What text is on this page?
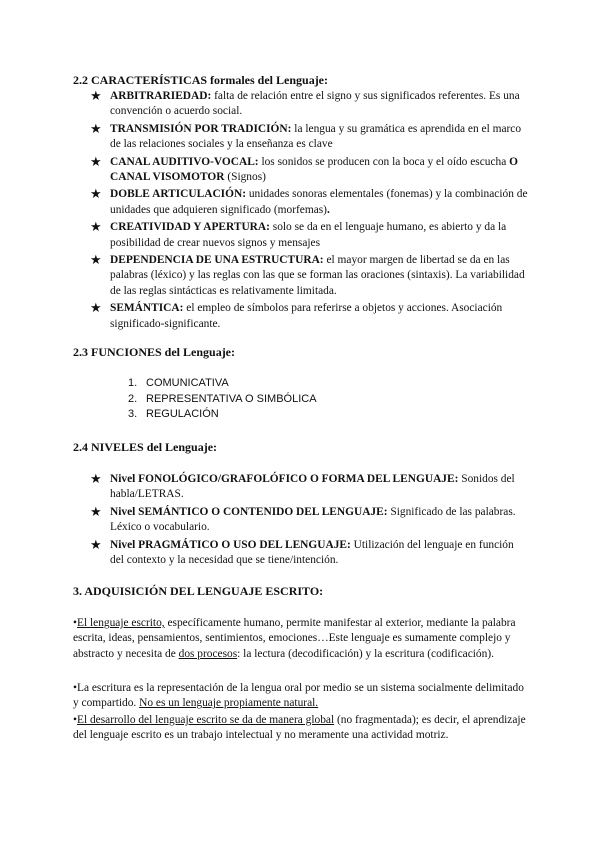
2.2 CARACTERÍSTICAS formales del Lenguaje:
★ ARBITRARIEDAD: falta de relación entre el signo y sus significados referentes. Es una convención o acuerdo social.
★ TRANSMISIÓN POR TRADICIÓN: la lengua y su gramática es aprendida en el marco de las relaciones sociales y la enseñanza es clave
★ CANAL AUDITIVO-VOCAL: los sonidos se producen con la boca y el oído escucha O CANAL VISOMOTOR (Signos)
★ DOBLE ARTICULACIÓN: unidades sonoras elementales (fonemas) y la combinación de unidades que adquieren significado (morfemas).
★ CREATIVIDAD Y APERTURA: solo se da en el lenguaje humano, es abierto y da la posibilidad de crear nuevos signos y mensajes
★ DEPENDENCIA DE UNA ESTRUCTURA: el mayor margen de libertad se da en las palabras (léxico) y las reglas con las que se forman las oraciones (sintaxis). La variabilidad de las reglas sintácticas es relativamente limitada.
★ SEMÁNTICA: el empleo de símbolos para referirse a objetos y acciones. Asociación significado-significante.
2.3 FUNCIONES del Lenguaje:
1. COMUNICATIVA
2. REPRESENTATIVA O SIMBÓLICA
3. REGULACIÓN
2.4 NIVELES del Lenguaje:
★ Nivel FONOLÓGICO/GRAFOLÓFICO O FORMA DEL LENGUAJE: Sonidos del habla/LETRAS.
★ Nivel SEMÁNTICO O CONTENIDO DEL LENGUAJE: Significado de las palabras. Léxico o vocabulario.
★ Nivel PRAGMÁTICO O USO DEL LENGUAJE: Utilización del lenguaje en función del contexto y la necesidad que se tiene/intención.
3. ADQUISICIÓN DEL LENGUAJE ESCRITO:

•El lenguaje escrito, específicamente humano, permite manifestar al exterior, mediante la palabra escrita, ideas, pensamientos, sentimientos, emociones…Este lenguaje es sumamente complejo y abstracto y necesita de dos procesos: la lectura (decodificación) y la escritura (codificación).

•La escritura es la representación de la lengua oral por medio se un sistema socialmente delimitado y compartido. No es un lenguaje propiamente natural.

•El desarrollo del lenguaje escrito se da de manera global (no fragmentada); es decir, el aprendizaje del lenguaje escrito es un trabajo intelectual y no meramente una actividad motriz.
